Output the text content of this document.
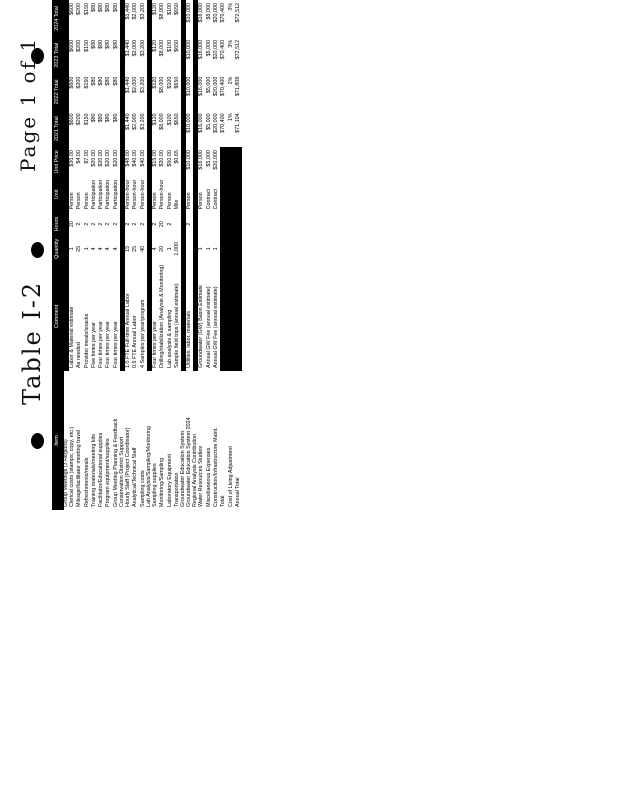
Table I-2
Page 1 of 1
Item	Comment	Quantity	Hours	Unit	Unit Price	2021 Total	2022 Total	2023 Total	2024 Total
Group Meetings (3 Regions)									
Clerical costs (stamps, copy, etc.)	Labor & Material estimate	1	20	Person	$30.00	$600	$600	$600	$600
Mileage/facilitator meeting travel	As needed	25	2	Person	$4.00	$200	$200	$200	$200
Refreshments/meals	Provider meals/snacks	1	2	Person	$7.00	$150	$150	$150	$150
Training materials/meeting kits	Five times per year	4	2	Participation	$20.00	$80	$80	$80	$80
Facilitator/Educational supplies	Four times per year	4	2	Participation	$20.00	$80	$80	$80	$80
Program equipment/supplies	Four times per year	4	2	Participation	$20.00	$80	$80	$80	$80
Group Meeting Planning & Feedback	Four times per year	4	2	Participation	$20.00	$80	$80	$80	$80
Conservation District Support									
Hourly Staff (Project Coordinator)	1.0 FTE Full-time Annual Labor	15	2	Person-hour	$48.00	$1,440	$1,440	$1,440	$1,440
Analytical/Technical Staff	0.5 FTE Annual Labor	25	2	Person-hour	$40.00	$2,000	$2,000	$2,000	$2,000
Sampling costs	4 Samples per year/program	40	2	Person-hour	$40.00	$3,200	$3,200	$3,200	$3,200
Lab Analysis/Sampling/Monitoring									
Sampling supplies	Four times per year	4	2	Person	$15.00	$120	$120	$120	$120
Monitoring/Sampling	Drilling/stabilization (Analysis & Monitoring)	20	20	Person-hour	$20.00	$8,000	$8,000	$8,000	$8,000
Laboratory Equipment	Lab analysis & sampling	1	2	Person	$50.00	$100	$100	$100	$100
Transportation	Sample field trips (annual estimate)	1,000		Mile	$0.65	$650	$650	$650	$650
Groundwater Education System									
Groundwater Education System 2024	Utilities, labor, materials		2	Person	$10,000	$10,000	$10,000	$10,000	$10,000
Regional Analysis Contribution									
Water Resources Studies	Groundwater (GW) Basin Estimate	1		Person	$16,000	$16,000	$16,000	$16,000	$16,000
Miscellaneous Expenses	Annual GW Fee (annual estimate)	1		Contract	$5,000	$5,000	$5,000	$5,000	$5,000
Construction/Infrastructure Maint.	Annual GW Fee (annual estimate)	1		Contract	$20,000	$20,000	$20,000	$20,000	$20,000
Total						$70,400	$70,400	$70,400	$70,400
Cost of Living Adjustment						1%	2%	3%	3%
Annual Total						$71,104	$71,808	$72,512	$72,512
